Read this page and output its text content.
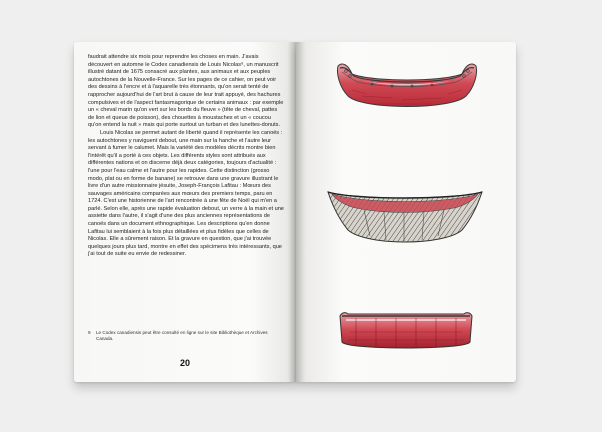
faudrait attendre six mois pour reprendre les choses en main. J'avais découvert en automne le Codex canadiensis de Louis Nicolas⁹, un manuscrit illustré datant de 1675 consacré aux plantes, aux animaux et aux peuples autochtones de la Nouvelle-France. Sur les pages de ce cahier, on peut voir des dessins à l'encre et à l'aquarelle très étonnants, qu'on serait tenté de rapprocher aujourd'hui de l'art brut à cause de leur trait appuyé, des hachures compulsives et de l'aspect fantasmagorique de certains animaux : par exemple un « cheval marin qu'on vert sur les bords du fleuve » (tête de cheval, pattes de lion et queue de poisson), des chouettes à moustaches et un « coucou qu'on entend la nuit » mais qui porte surtout un turban et des lunettes-donuts.

Louis Nicolas se permet autant de liberté quand il représente les canoës : les autochtones y naviguent debout, une main sur la hanche et l'autre leur servant à fumer le calumet. Mais la variété des modèles décrits montre bien l'intérêt qu'il a porté à ces objets. Les différents styles sont attribués aux différentes nations et on discerne déjà deux catégories, toujours d'actualité : l'une pour l'eau calme et l'autre pour les rapides. Cette distinction (grosso modo, plat ou en forme de banane) se retrouve dans une gravure illustrant le livre d'un autre missionnaire jésuite, Joseph-François Lafitau : Mœurs des sauvages américains comparées aux mœurs des premiers temps, paru en 1724. C'est une historienne de l'art rencontrée à une fête de Noël qui m'en a parlé. Selon elle, après une rapide évaluation debout, un verre à la main et une assiette dans l'autre, il s'agit d'une des plus anciennes représentations de canoës dans un document ethnographique. Les descriptions qu'en donne Lafitau lui semblaient à la fois plus détaillées et plus fidèles que celles de Nicolas. Elle a sûrement raison. Et la gravure en question, que j'ai trouvée quelques jours plus tard, montre en effet des spécimens très intéressants, que j'ai tout de suite eu envie de redessiner.

9 Le Codex canadiensis peut être consulté en ligne sur le site Bibliothèque et Archives Canada.
20
